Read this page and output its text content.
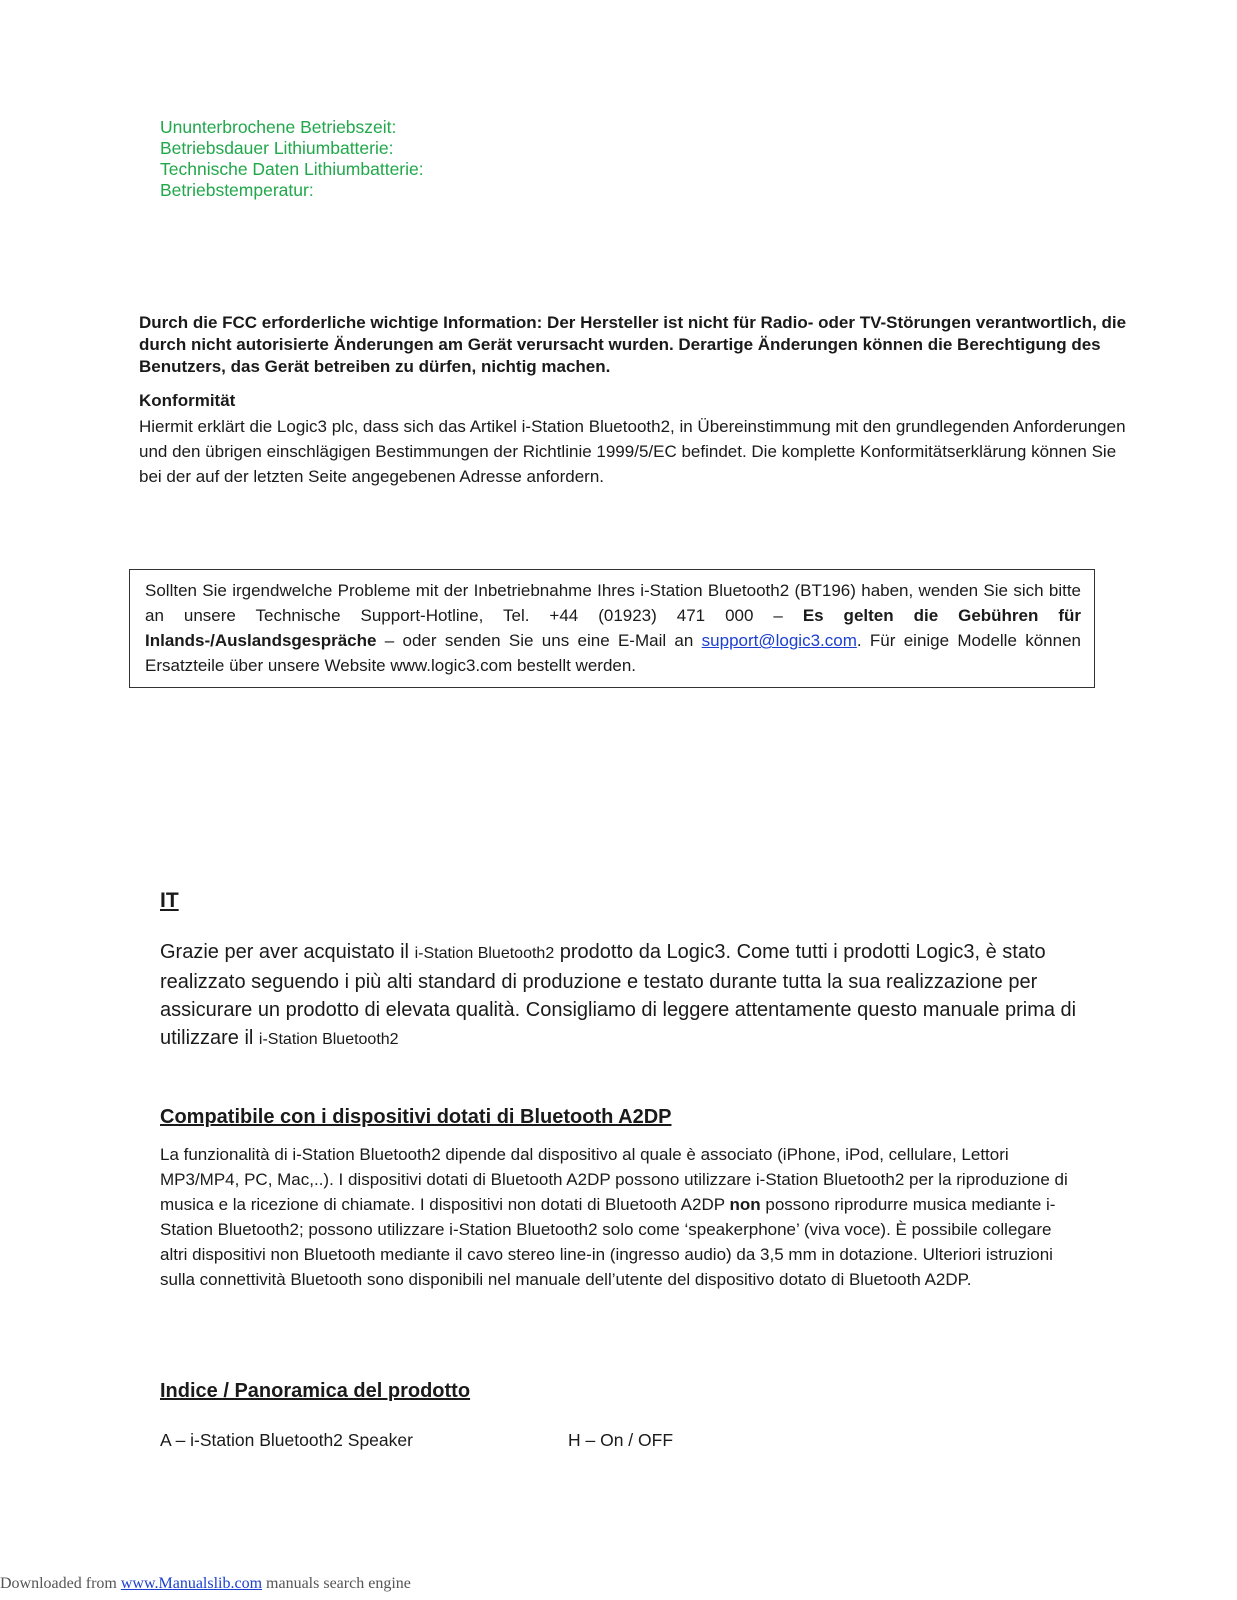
Ununterbrochene Betriebszeit:
Betriebsdauer Lithiumbatterie:
Technische Daten Lithiumbatterie:
Betriebstemperatur:
Durch die FCC erforderliche wichtige Information: Der Hersteller ist nicht für Radio- oder TV-Störungen verantwortlich, die durch nicht autorisierte Änderungen am Gerät verursacht wurden. Derartige Änderungen können die Berechtigung des Benutzers, das Gerät betreiben zu dürfen, nichtig machen.
Konformität
Hiermit erklärt die Logic3 plc, dass sich das Artikel i-Station Bluetooth2, in Übereinstimmung mit den grundlegenden Anforderungen und den übrigen einschlägigen Bestimmungen der Richtlinie 1999/5/EC befindet. Die komplette Konformitätserklärung können Sie bei der auf der letzten Seite angegebenen Adresse anfordern.

Sollten Sie irgendwelche Probleme mit der Inbetriebnahme Ihres i-Station Bluetooth2 (BT196) haben, wenden Sie sich bitte an unsere Technische Support-Hotline, Tel. +44 (01923) 471 000 – Es gelten die Gebühren für Inlands-/Auslandsgespräche – oder senden Sie uns eine E-Mail an support@logic3.com. Für einige Modelle können Ersatzteile über unsere Website www.logic3.com bestellt werden.

IT
Grazie per aver acquistato il i-Station Bluetooth2 prodotto da Logic3. Come tutti i prodotti Logic3, è stato realizzato seguendo i più alti standard di produzione e testato durante tutta la sua realizzazione per assicurare un prodotto di elevata qualità. Consigliamo di leggere attentamente questo manuale prima di utilizzare il i-Station Bluetooth2
Compatibile con i dispositivi dotati di Bluetooth A2DP
La funzionalità di i-Station Bluetooth2 dipende dal dispositivo al quale è associato (iPhone, iPod, cellulare, Lettori MP3/MP4, PC, Mac,..). I dispositivi dotati di Bluetooth A2DP possono utilizzare i-Station Bluetooth2 per la riproduzione di musica e la ricezione di chiamate. I dispositivi non dotati di Bluetooth A2DP non possono riprodurre musica mediante i-Station Bluetooth2; possono utilizzare i-Station Bluetooth2 solo come ‘speakerphone’ (viva voce). È possibile collegare altri dispositivi non Bluetooth mediante il cavo stereo line-in (ingresso audio) da 3,5 mm in dotazione. Ulteriori istruzioni sulla connettività Bluetooth sono disponibili nel manuale dell’utente del dispositivo dotato di Bluetooth A2DP.
Indice / Panoramica del prodotto
A – i-Station Bluetooth2 Speaker	H – On / OFF
Downloaded from www.Manualslib.com manuals search engine
